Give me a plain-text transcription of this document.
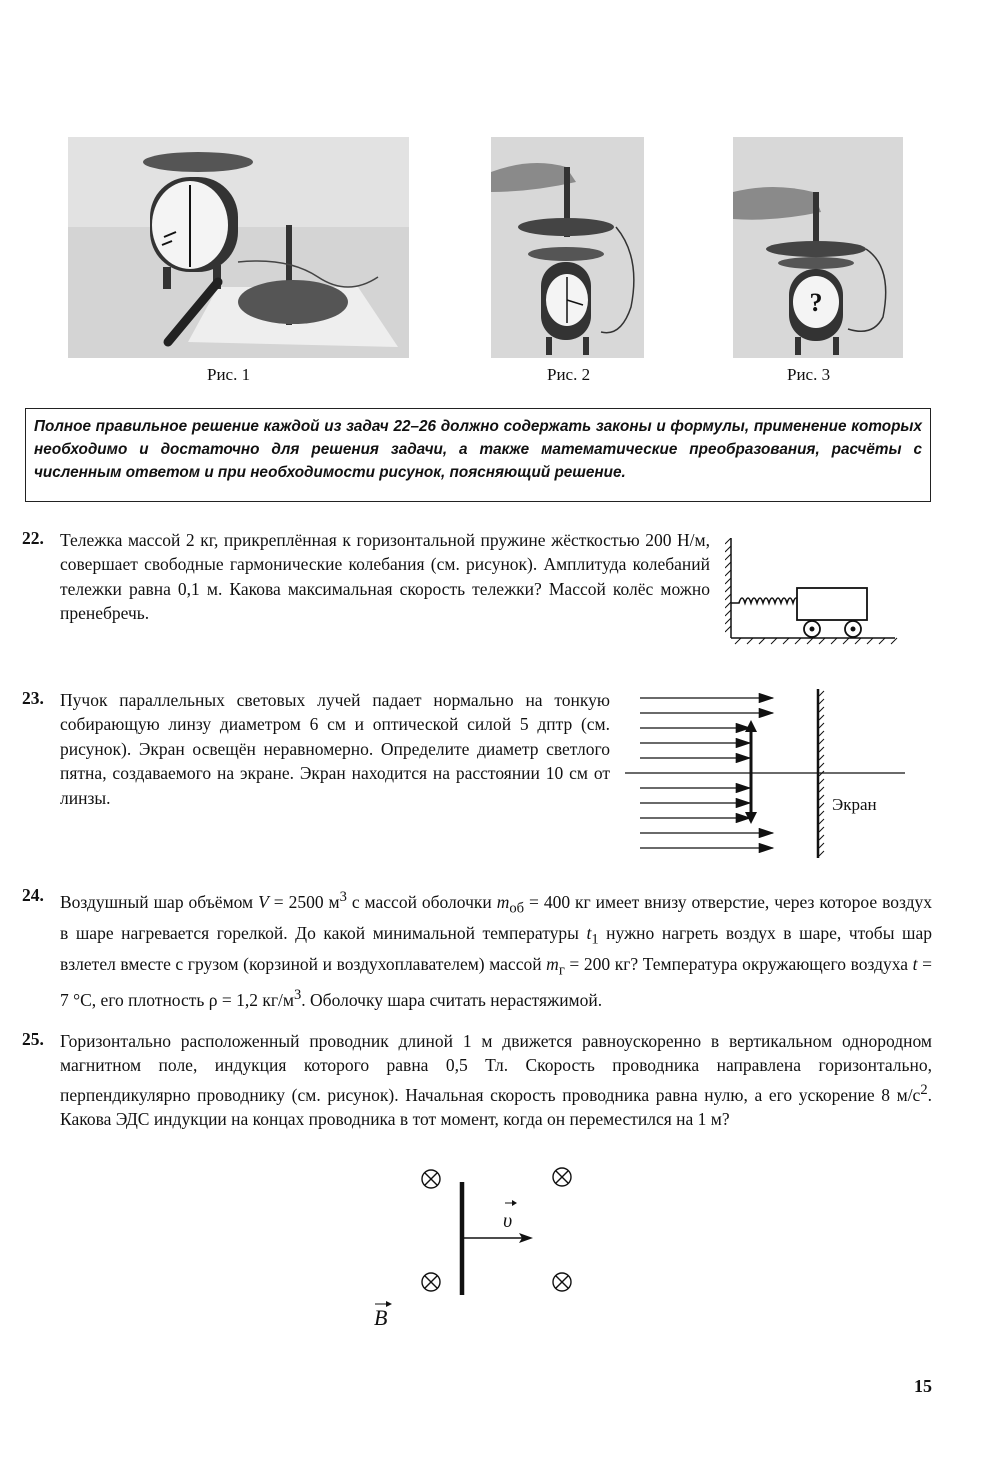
Рис. 1	Рис. 2
?
Рис. 3
Полное правильное решение каждой из задач 22–26 должно содержать законы и формулы, применение которых необходимо и достаточно для решения задачи, а также математические преобразования, расчёты с численным ответом и при необходимости рисунок, поясняющий решение.
22. Тележка массой 2 кг, прикреплённая к горизонтальной пружине жёсткостью 200 Н/м, совершает свободные гармонические колебания (см. рисунок). Амплитуда колебаний тележки равна 0,1 м. Какова максимальная скорость тележки? Массой колёс можно пренебречь.
23. Пучок параллельных световых лучей падает нормально на тонкую собирающую линзу диаметром 6 см и оптической силой 5 дптр (см. рисунок). Экран освещён неравномерно. Определите диаметр светлого пятна, создаваемого на экране. Экран находится на расстоянии 10 см от линзы.	Экран
24. Воздушный шар объёмом V = 2500 $м^3$ с массой оболочки $m_{об} = 400$ кг имеет внизу отверстие, через которое воздух в шаре нагревается горелкой. До какой минимальной температуры $t_1$ нужно нагреть воздух в шаре, чтобы шар взлетел вместе с грузом (корзиной и воздухоплавателем) массой $m_г = 200$ кг? Температура окружающего воздуха t = 7 °С, его плотность ρ = 1,2 $кг/м^3$. Оболочку шара считать нерастяжимой.
25. Горизонтально расположенный проводник длиной 1 м движется равноускоренно в вертикальном однородном магнитном поле, индукция которого равна 0,5 Тл. Скорость проводника направлена горизонтально, перпендикулярно проводнику (см. рисунок). Начальная скорость проводника равна нулю, а его ускорение 8 $м/с^2$. Какова ЭДС индукции на концах проводника в тот момент, когда он переместился на 1 м?
υ
B
15
